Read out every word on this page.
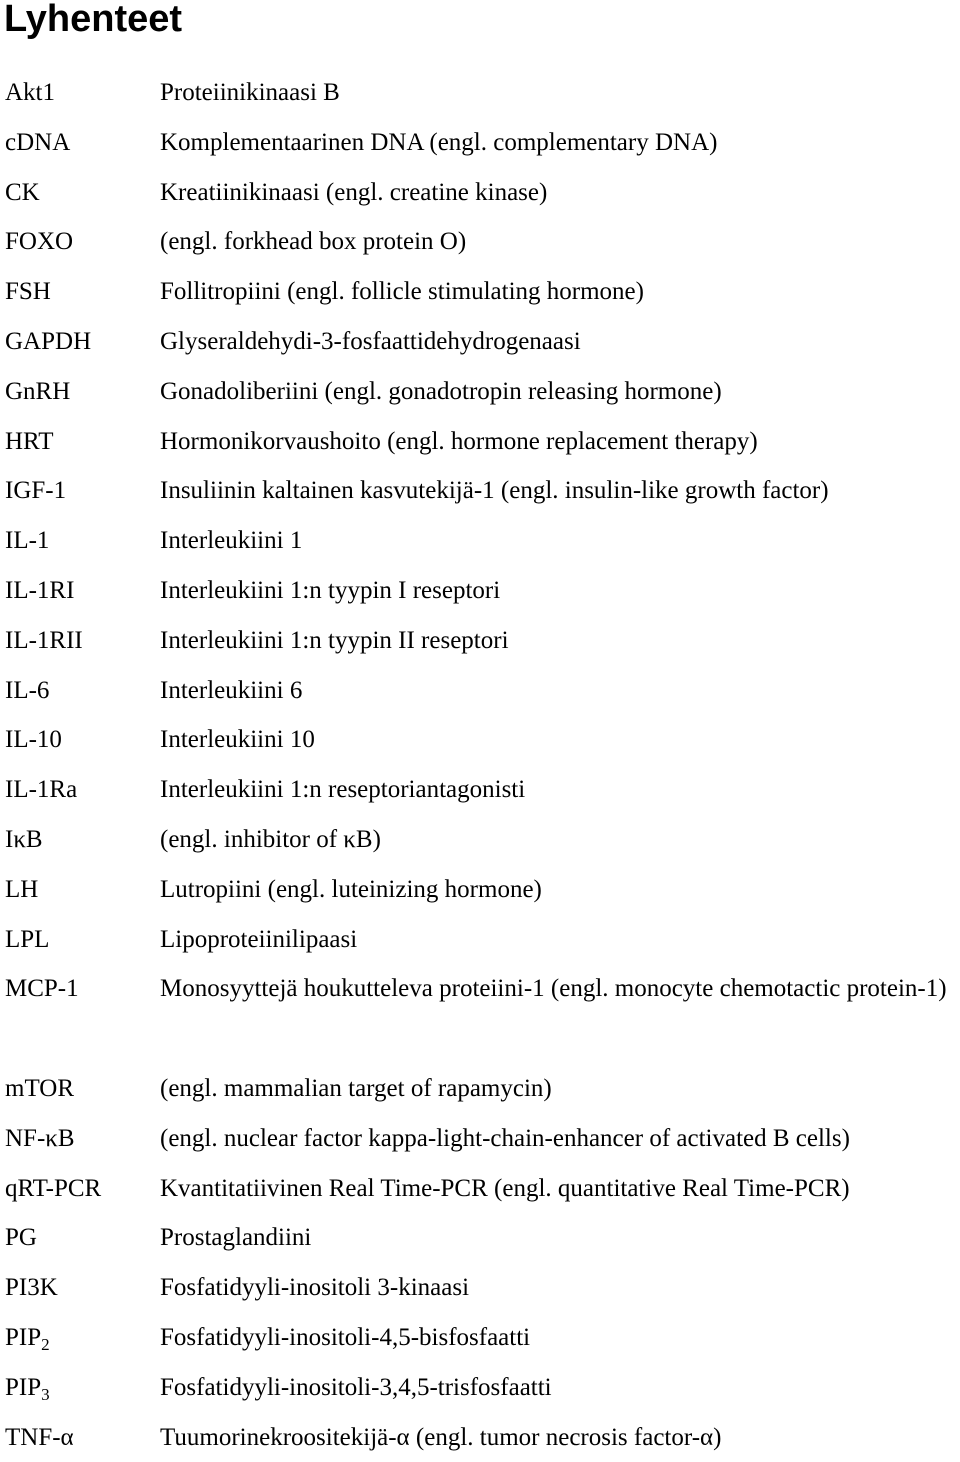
Lyhenteet
Akt1	Proteiinikinaasi B
cDNA	Komplementaarinen DNA (engl. complementary DNA)
CK	Kreatiinikinaasi (engl. creatine kinase)
FOXO	(engl. forkhead box protein O)
FSH	Follitropiini (engl. follicle stimulating hormone)
GAPDH	Glyseraldehydi-3-fosfaattidehydrogenaasi
GnRH	Gonadoliberiini (engl. gonadotropin releasing hormone)
HRT	Hormonikorvaushoito (engl. hormone replacement therapy)
IGF-1	Insuliinin kaltainen kasvutekijä-1 (engl. insulin-like growth factor)
IL-1	Interleukiini 1
IL-1RI	Interleukiini 1:n tyypin I reseptori
IL-1RII	Interleukiini 1:n tyypin II reseptori
IL-6	Interleukiini 6
IL-10	Interleukiini 10
IL-1Ra	Interleukiini 1:n reseptoriantagonisti
IκB	(engl. inhibitor of κB)
LH	Lutropiini (engl. luteinizing hormone)
LPL	Lipoproteiinilipaasi
MCP-1	Monosyyttejä houkutteleva proteiini-1 (engl. monocyte chemotactic protein-1)
mTOR	(engl. mammalian target of rapamycin)
NF-κB	(engl. nuclear factor kappa-light-chain-enhancer of activated B cells)
qRT-PCR Kvantitatiivinen Real Time-PCR (engl. quantitative Real Time-PCR)
PG	Prostaglandiini
PI3K	Fosfatidyyli-inositoli 3-kinaasi
$PIP_2$	Fosfatidyyli-inositoli-4,5-bisfosfaatti
$PIP_3$	Fosfatidyyli-inositoli-3,4,5-trisfosfaatti
TNF-α	Tuumorinekroositekijä-α (engl. tumor necrosis factor-α)
